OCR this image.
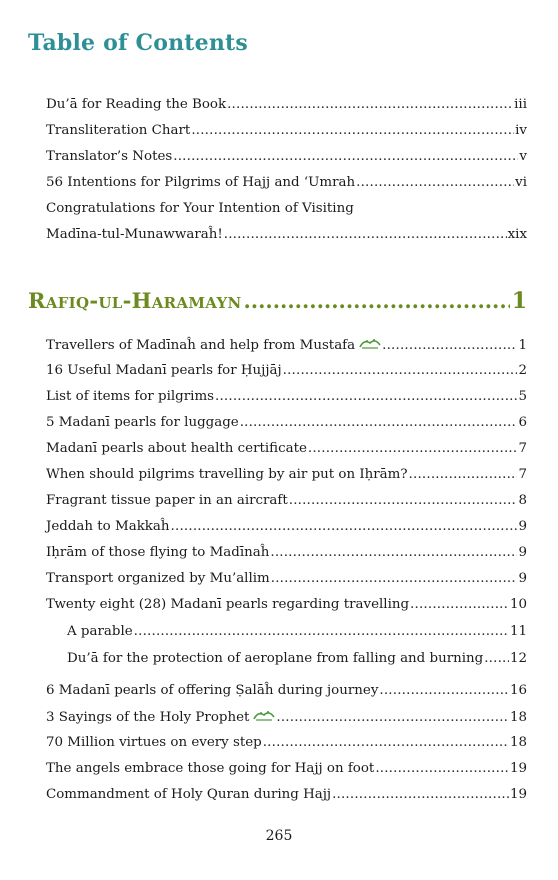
Table of Contents
Du’ā for Reading the Book .....	iii
Transliteration Chart .....	iv
Translator’s Notes .....	v
56 Intentions for Pilgrims of Hajj and ‘Umrah .....	vi
Congratulations for Your Intention of Visiting
Madīna-tul-Munawwaraĥ! .....	xix
Rafiq-ul-Haramayn .....	1
Travellers of Madīnaĥ and help from Mustafa .....	1
16 Useful Madanī pearls for Ḥujjāj .....	2
List of items for pilgrims .....	5
5 Madanī pearls for luggage .....	6
Madanī pearls about health certificate .....	7
When should pilgrims travelling by air put on Iḥrām? .....	7
Fragrant tissue paper in an aircraft .....	8
Jeddah to Makkaĥ .....	9
Iḥrām of those flying to Madīnaĥ .....	9
Transport organized by Mu’allim .....	9
Twenty eight (28) Madanī pearls regarding travelling .....	10
A parable .....	11
Du’ā for the protection of aeroplane from falling and burning ..... 12
6 Madanī pearls of offering Ṣalāĥ during journey .....	16
3 Sayings of the Holy Prophet .....	18
70 Million virtues on every step .....	18
The angels embrace those going for Hajj on foot .....	19
Commandment of Holy Quran during Hajj .....	19
265
